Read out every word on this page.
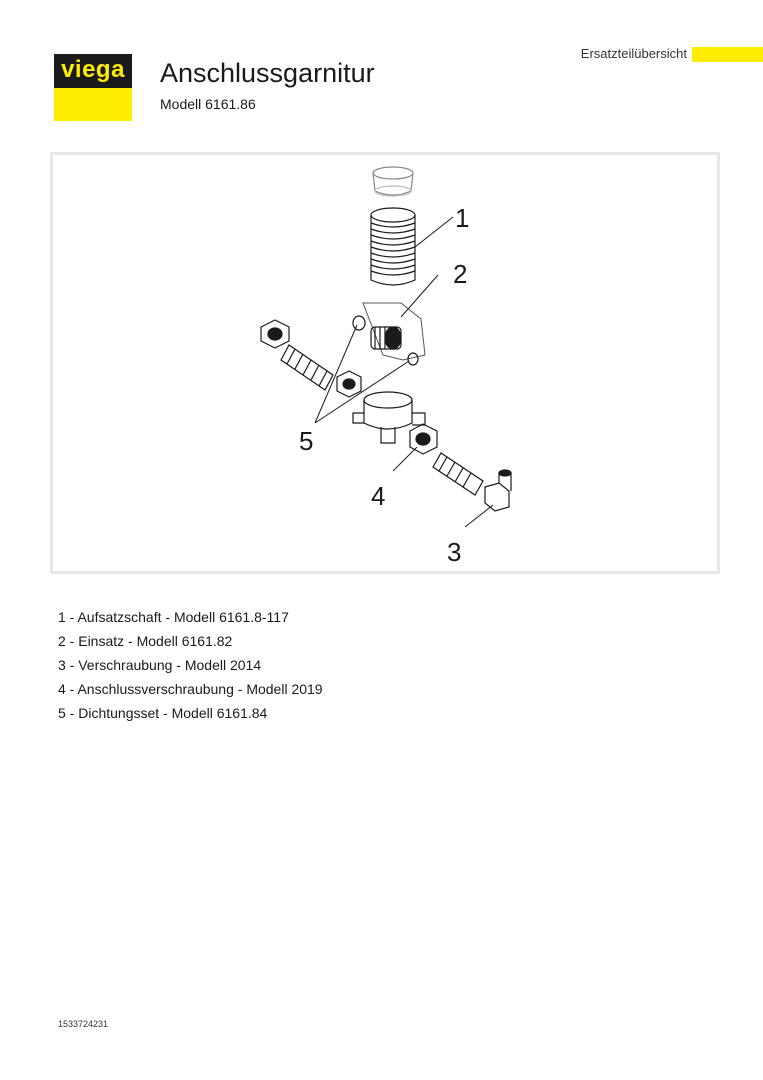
viega Anschlussgarnitur
Modell 6161.86
Ersatzteilübersicht
1
2
3
4
5
1 - Aufsatzschaft - Modell 6161.8-117
2 - Einsatz - Modell 6161.82
3 - Verschraubung - Modell 2014
4 - Anschlussverschraubung - Modell 2019
5 - Dichtungsset - Modell 6161.84
1533724231
